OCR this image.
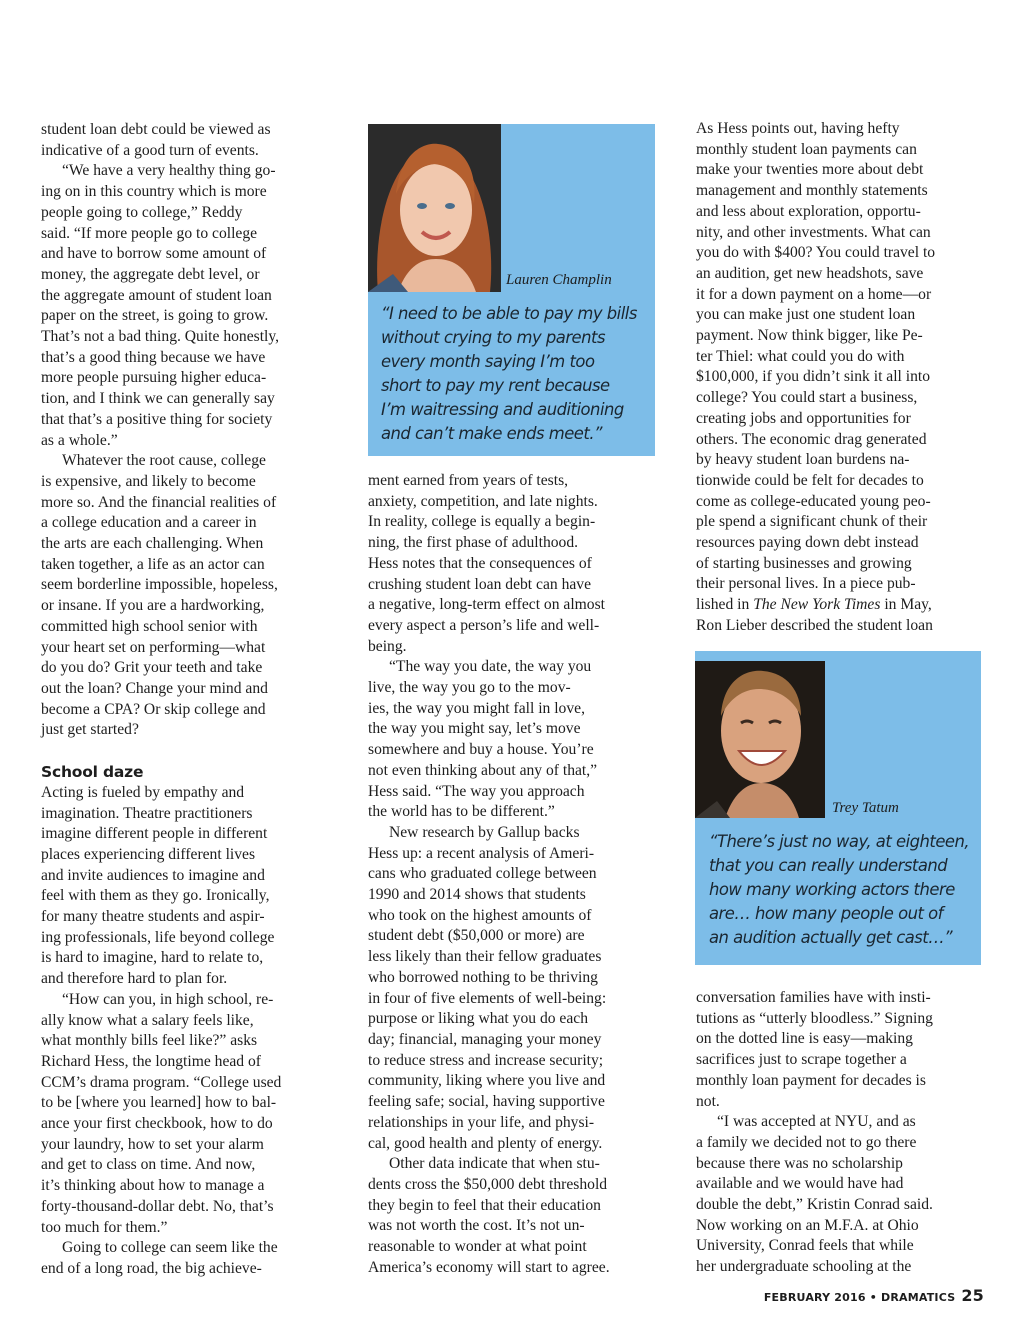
student loan debt could be viewed as
indicative of a good turn of events.

“We have a very healthy thing go-
ing on in this country which is more
people going to college,” Reddy
said. “If more people go to college
and have to borrow some amount of
money, the aggregate debt level, or
the aggregate amount of student loan
paper on the street, is going to grow.
That’s not a bad thing. Quite honestly,
that’s a good thing because we have
more people pursuing higher educa-
tion, and I think we can generally say
that that’s a positive thing for society
as a whole.”

Whatever the root cause, college
is expensive, and likely to become
more so. And the financial realities of
a college education and a career in
the arts are each challenging. When
taken together, a life as an actor can
seem borderline impossible, hopeless,
or insane. If you are a hardworking,
committed high school senior with
your heart set on performing—what
do you do? Grit your teeth and take
out the loan? Change your mind and
become a CPA? Or skip college and
just get started?

School daze

Acting is fueled by empathy and
imagination. Theatre practitioners
imagine different people in different
places experiencing different lives
and invite audiences to imagine and
feel with them as they go. Ironically,
for many theatre students and aspir-
ing professionals, life beyond college
is hard to imagine, hard to relate to,
and therefore hard to plan for.

“How can you, in high school, re-
ally know what a salary feels like,
what monthly bills feel like?” asks
Richard Hess, the longtime head of
CCM’s drama program. “College used
to be [where you learned] how to bal-
ance your first checkbook, how to do
your laundry, how to set your alarm
and get to class on time. And now,
it’s thinking about how to manage a
forty-thousand-dollar debt. No, that’s
too much for them.”

Going to college can seem like the
end of a long road, the big achieve-

Lauren Champlin

“I need to be able to pay my bills
without crying to my parents
every month saying I’m too
short to pay my rent because
I’m waitressing and auditioning
and can’t make ends meet.”

ment earned from years of tests,
anxiety, competition, and late nights.
In reality, college is equally a begin-
ning, the first phase of adulthood.
Hess notes that the consequences of
crushing student loan debt can have
a negative, long-term effect on almost
every aspect a person’s life and well-
being.

“The way you date, the way you
live, the way you go to the mov-
ies, the way you might fall in love,
the way you might say, let’s move
somewhere and buy a house. You’re
not even thinking about any of that,”
Hess said. “The way you approach
the world has to be different.”

New research by Gallup backs
Hess up: a recent analysis of Ameri-
cans who graduated college between
1990 and 2014 shows that students
who took on the highest amounts of
student debt ($50,000 or more) are
less likely than their fellow graduates
who borrowed nothing to be thriving
in four of five elements of well-being:
purpose or liking what you do each
day; financial, managing your money
to reduce stress and increase security;
community, liking where you live and
feeling safe; social, having supportive
relationships in your life, and physi-
cal, good health and plenty of energy.

Other data indicate that when stu-
dents cross the $50,000 debt threshold
they begin to feel that their education
was not worth the cost. It’s not un-
reasonable to wonder at what point
America’s economy will start to agree.

As Hess points out, having hefty
monthly student loan payments can
make your twenties more about debt
management and monthly statements
and less about exploration, opportu-
nity, and other investments. What can
you do with $400? You could travel to
an audition, get new headshots, save
it for a down payment on a home—or
you can make just one student loan
payment. Now think bigger, like Pe-
ter Thiel: what could you do with
$100,000, if you didn’t sink it all into
college? You could start a business,
creating jobs and opportunities for
others. The economic drag generated
by heavy student loan burdens na-
tionwide could be felt for decades to
come as college-educated young peo-
ple spend a significant chunk of their
resources paying down debt instead
of starting businesses and growing
their personal lives. In a piece pub-
lished in The New York Times in May,
Ron Lieber described the student loan

Trey Tatum

“There’s just no way, at eighteen,
that you can really understand
how many working actors there
are… how many people out of
an audition actually get cast…”

conversation families have with insti-
tutions as “utterly bloodless.” Signing
on the dotted line is easy—making
sacrifices just to scrape together a
monthly loan payment for decades is
not.

“I was accepted at NYU, and as
a family we decided not to go there
because there was no scholarship
available and we would have had
double the debt,” Kristin Conrad said.
Now working on an M.F.A. at Ohio
University, Conrad feels that while
her undergraduate schooling at the

FEBRUARY 2016 • DRAMATICS 25
